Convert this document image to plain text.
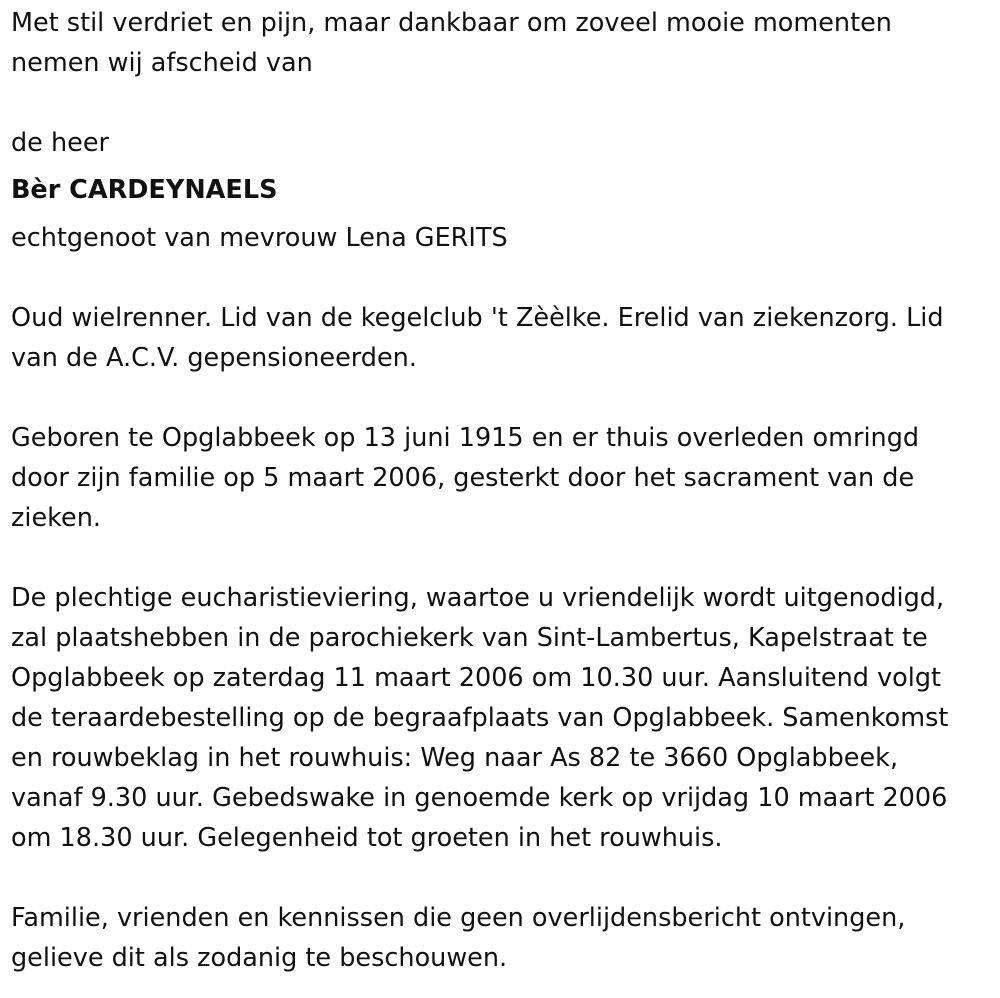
Met stil verdriet en pijn, maar dankbaar om zoveel mooie momenten

nemen wij afscheid van

de heer

Bèr CARDEYNAELS

echtgenoot van mevrouw Lena GERITS

Oud wielrenner. Lid van de kegelclub 't Zèèlke. Erelid van ziekenzorg. Lid

van de A.C.V. gepensioneerden.

Geboren te Opglabbeek op 13 juni 1915 en er thuis overleden omringd

door zijn familie op 5 maart 2006, gesterkt door het sacrament van de

zieken.

De plechtige eucharistieviering, waartoe u vriendelijk wordt uitgenodigd,

zal plaatshebben in de parochiekerk van Sint-Lambertus, Kapelstraat te

Opglabbeek op zaterdag 11 maart 2006 om 10.30 uur. Aansluitend volgt

de teraardebestelling op de begraafplaats van Opglabbeek. Samenkomst

en rouwbeklag in het rouwhuis: Weg naar As 82 te 3660 Opglabbeek,

vanaf 9.30 uur. Gebedswake in genoemde kerk op vrijdag 10 maart 2006

om 18.30 uur. Gelegenheid tot groeten in het rouwhuis.

Familie, vrienden en kennissen die geen overlijdensbericht ontvingen,

gelieve dit als zodanig te beschouwen.
